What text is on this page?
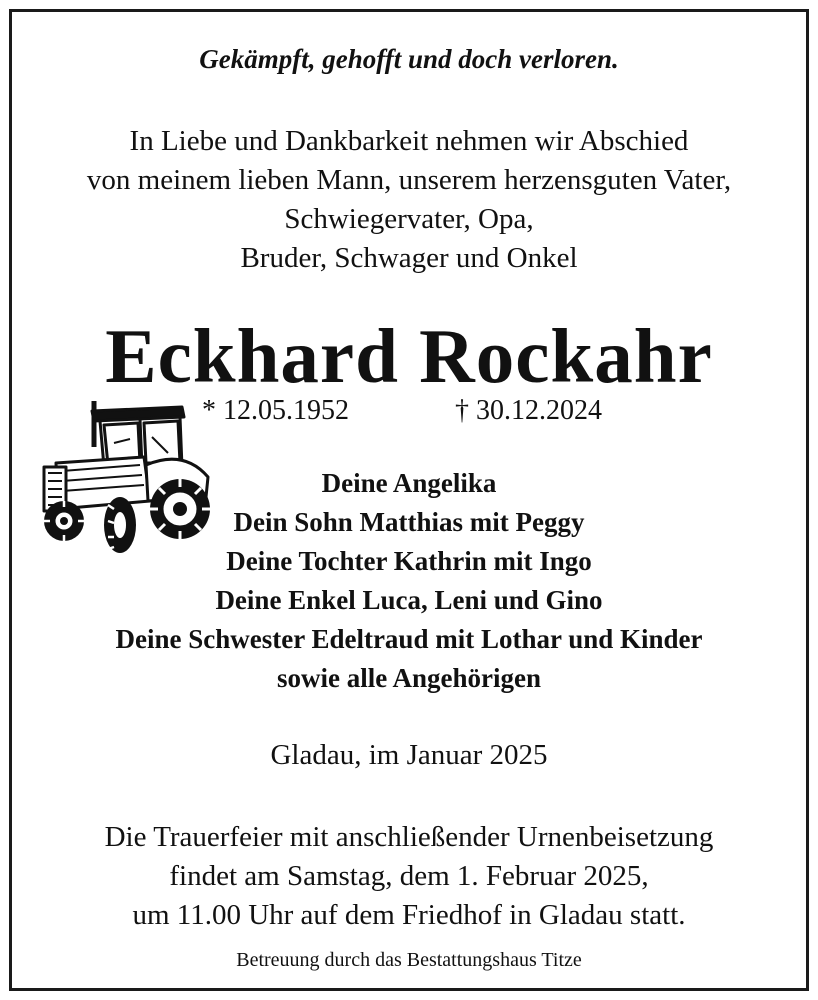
Gekämpft, gehofft und doch verloren.
In Liebe und Dankbarkeit nehmen wir Abschied
von meinem lieben Mann, unserem herzensguten Vater,
Schwiegervater, Opa,
Bruder, Schwager und Onkel
Eckhard Rockahr
* 12.05.1952	† 30.12.2024
Deine Angelika
Dein Sohn Matthias mit Peggy
Deine Tochter Kathrin mit Ingo
Deine Enkel Luca, Leni und Gino
Deine Schwester Edeltraud mit Lothar und Kinder
sowie alle Angehörigen
Gladau, im Januar 2025
Die Trauerfeier mit anschließender Urnenbeisetzung
findet am Samstag, dem 1. Februar 2025,
um 11.00 Uhr auf dem Friedhof in Gladau statt.
Betreuung durch das Bestattungshaus Titze
